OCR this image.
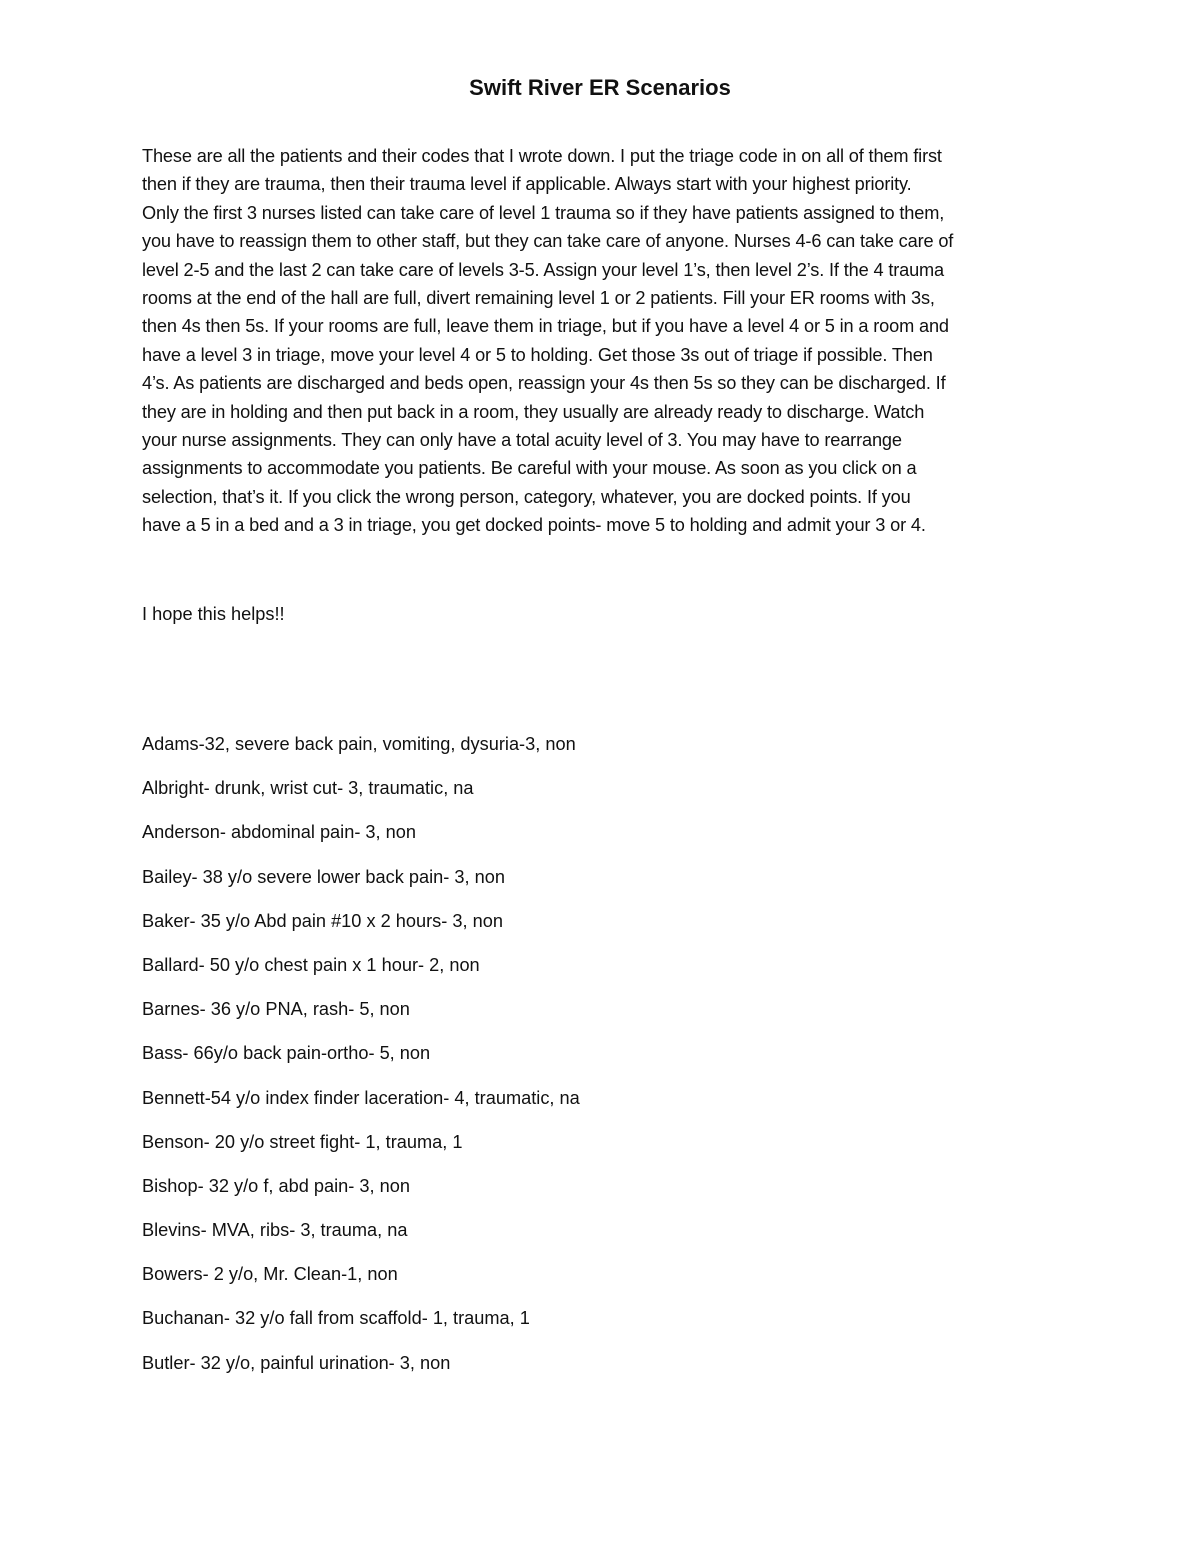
Swift River ER Scenarios

These are all the patients and their codes that I wrote down. I put the triage code in on all of them first
then if they are trauma, then their trauma level if applicable. Always start with your highest priority.
Only the first 3 nurses listed can take care of level 1 trauma so if they have patients assigned to them,
you have to reassign them to other staff, but they can take care of anyone. Nurses 4-6 can take care of
level 2-5 and the last 2 can take care of levels 3-5. Assign your level 1’s, then level 2’s. If the 4 trauma
rooms at the end of the hall are full, divert remaining level 1 or 2 patients. Fill your ER rooms with 3s,
then 4s then 5s. If your rooms are full, leave them in triage, but if you have a level 4 or 5 in a room and
have a level 3 in triage, move your level 4 or 5 to holding. Get those 3s out of triage if possible. Then
4’s. As patients are discharged and beds open, reassign your 4s then 5s so they can be discharged. If
they are in holding and then put back in a room, they usually are already ready to discharge. Watch
your nurse assignments. They can only have a total acuity level of 3. You may have to rearrange
assignments to accommodate you patients. Be careful with your mouse. As soon as you click on a
selection, that’s it. If you click the wrong person, category, whatever, you are docked points. If you
have a 5 in a bed and a 3 in triage, you get docked points- move 5 to holding and admit your 3 or 4.

I hope this helps!!

Adams-32, severe back pain, vomiting, dysuria-3, non
Albright- drunk, wrist cut- 3, traumatic, na
Anderson- abdominal pain- 3, non
Bailey- 38 y/o severe lower back pain- 3, non
Baker- 35 y/o Abd pain #10 x 2 hours- 3, non
Ballard- 50 y/o chest pain x 1 hour- 2, non
Barnes- 36 y/o PNA, rash- 5, non
Bass- 66y/o back pain-ortho- 5, non
Bennett-54 y/o index finder laceration- 4, traumatic, na
Benson- 20 y/o street fight- 1, trauma, 1
Bishop- 32 y/o f, abd pain- 3, non
Blevins- MVA, ribs- 3, trauma, na
Bowers- 2 y/o, Mr. Clean-1, non
Buchanan- 32 y/o fall from scaffold- 1, trauma, 1
Butler- 32 y/o, painful urination- 3, non
